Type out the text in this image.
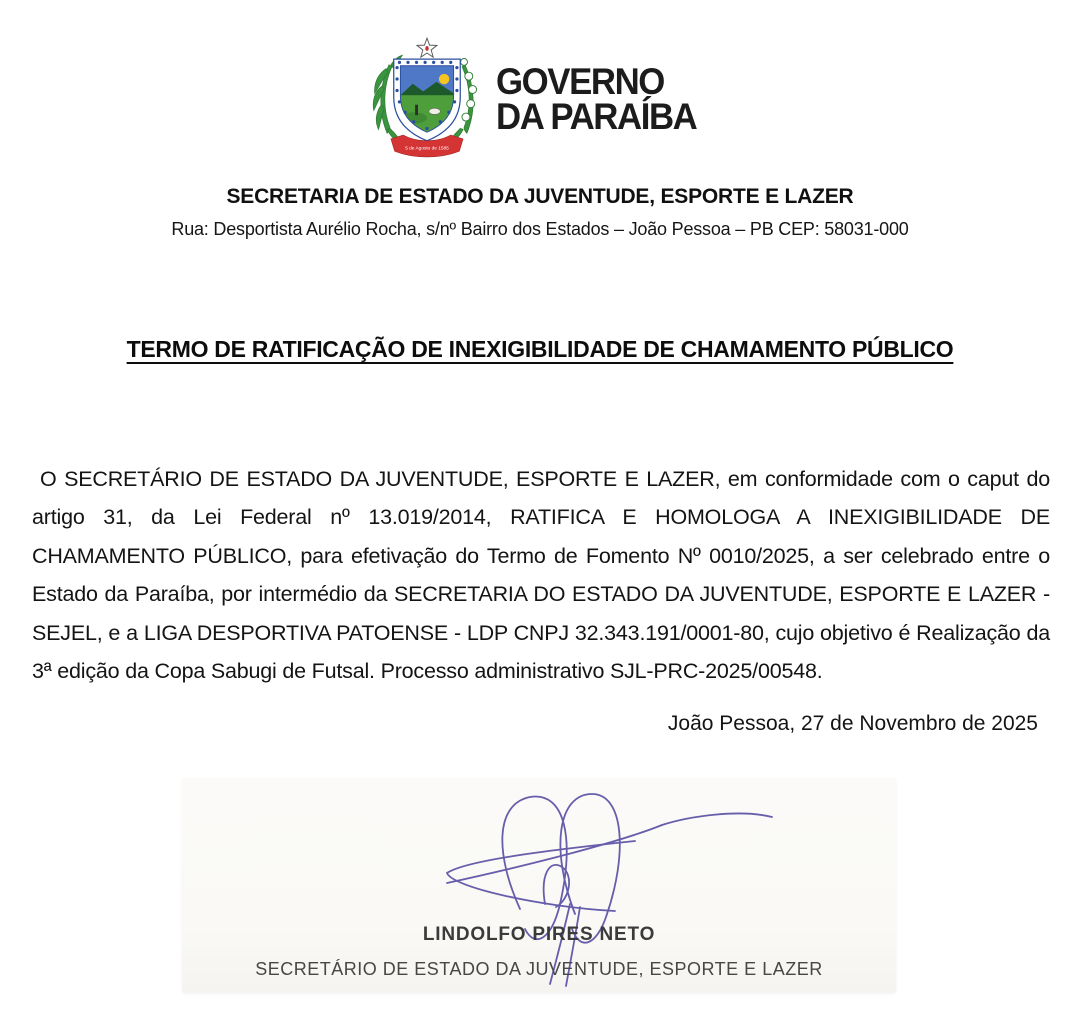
5 de Agosto de 1585
GOVERNO
DA PARAÍBA
SECRETARIA DE ESTADO DA JUVENTUDE, ESPORTE E LAZER
Rua: Desportista Aurélio Rocha, s/nº Bairro dos Estados – João Pessoa – PB CEP: 58031-000
TERMO DE RATIFICAÇÃO DE INEXIGIBILIDADE DE CHAMAMENTO PÚBLICO

O SECRETÁRIO DE ESTADO DA JUVENTUDE, ESPORTE E LAZER, em conformidade com o caput do artigo 31, da Lei Federal nº 13.019/2014, RATIFICA E HOMOLOGA A INEXIGIBILIDADE DE CHAMAMENTO PÚBLICO, para efetivação do Termo de Fomento Nº 0010/2025, a ser celebrado entre o Estado da Paraíba, por intermédio da SECRETARIA DO ESTADO DA JUVENTUDE, ESPORTE E LAZER - SEJEL, e a LIGA DESPORTIVA PATOENSE - LDP CNPJ 32.343.191/0001-80, cujo objetivo é Realização da 3ª edição da Copa Sabugi de Futsal. Processo administrativo SJL-PRC-2025/00548.

João Pessoa, 27 de Novembro de 2025
LINDOLFO PIRES NETO
SECRETÁRIO DE ESTADO DA JUVENTUDE, ESPORTE E LAZER
